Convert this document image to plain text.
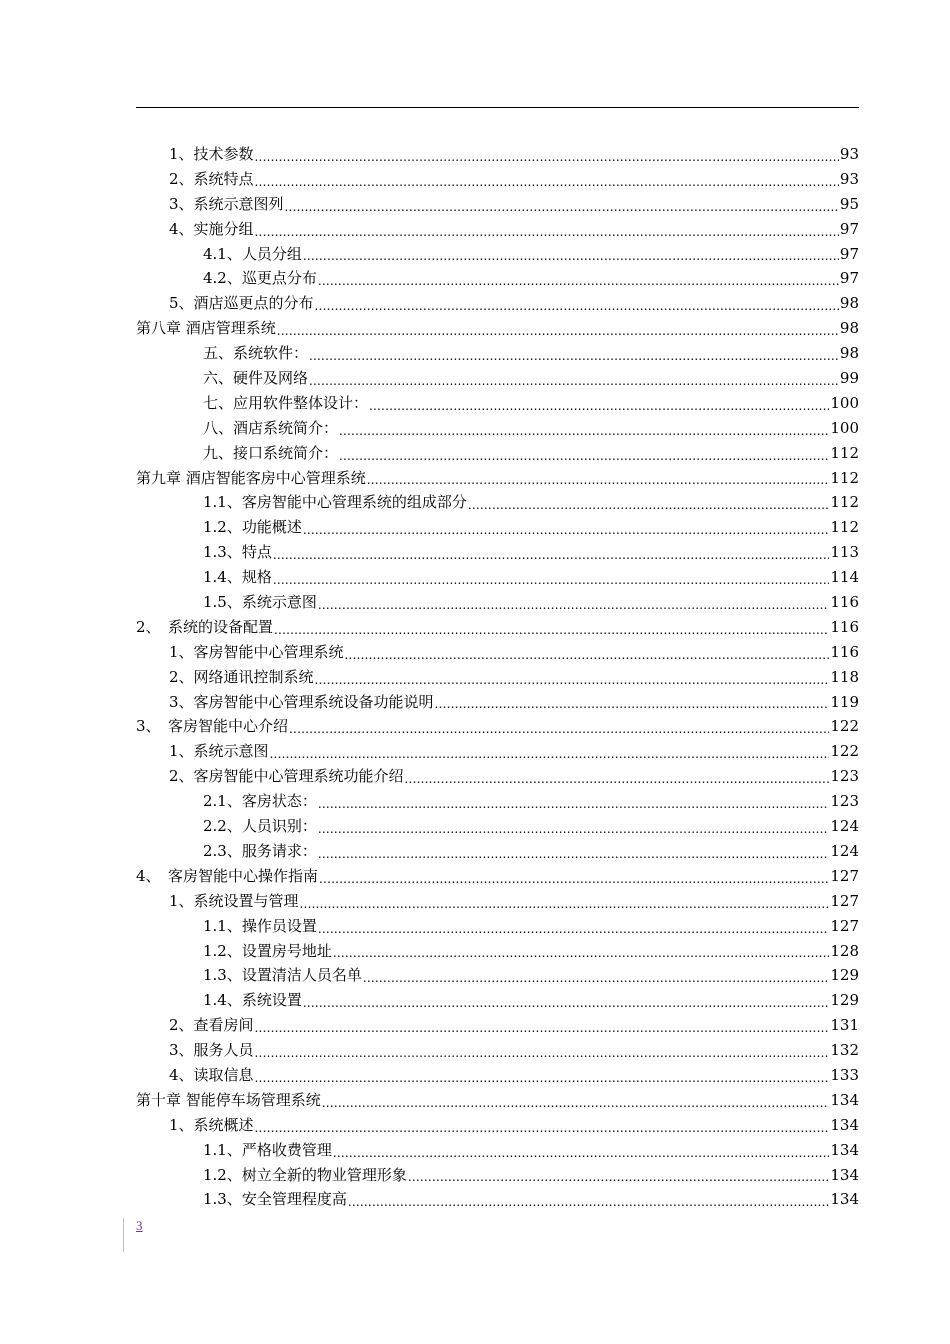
1、技术参数 .....	93
2、系统特点 .....	93
3、系统示意图列 .....	95
4、实施分组 .....	97
4.1、人员分组 .....	97
4.2、巡更点分布 .....	97
5、酒店巡更点的分布 .....	98
第八章 酒店管理系统 .....	98
五、系统软件： .....	98
六、硬件及网络 .....	99
七、应用软件整体设计： .....	100
八、酒店系统简介： .....	100
九、接口系统简介： .....	112
第九章 酒店智能客房中心管理系统 .....	112
1.1、客房智能中心管理系统的组成部分 .....	112
1.2、功能概述 .....	112
1.3、特点 .....	113
1.4、规格 .....	114
1.5、系统示意图 .....	116
2、　系统的设备配置 .....	116
1、客房智能中心管理系统 .....	116
2、网络通讯控制系统 .....	118
3、客房智能中心管理系统设备功能说明 .....	119
3、　客房智能中心介绍 .....	122
1、系统示意图 .....	122
2、客房智能中心管理系统功能介绍 .....	123
2.1、客房状态： .....	123
2.2、人员识别： .....	124
2.3、服务请求： .....	124
4、　客房智能中心操作指南 .....	127
1、系统设置与管理 .....	127
1.1、操作员设置 .....	127
1.2、设置房号地址 .....	128
1.3、设置清洁人员名单 .....	129
1.4、系统设置 .....	129
2、查看房间 .....	131
3、服务人员 .....	132
4、读取信息 .....	133
第十章 智能停车场管理系统 .....	134
1、系统概述 .....	134
1.1、严格收费管理 .....	134
1.2、树立全新的物业管理形象 .....	134
1.3、安全管理程度高 .....	134
3
